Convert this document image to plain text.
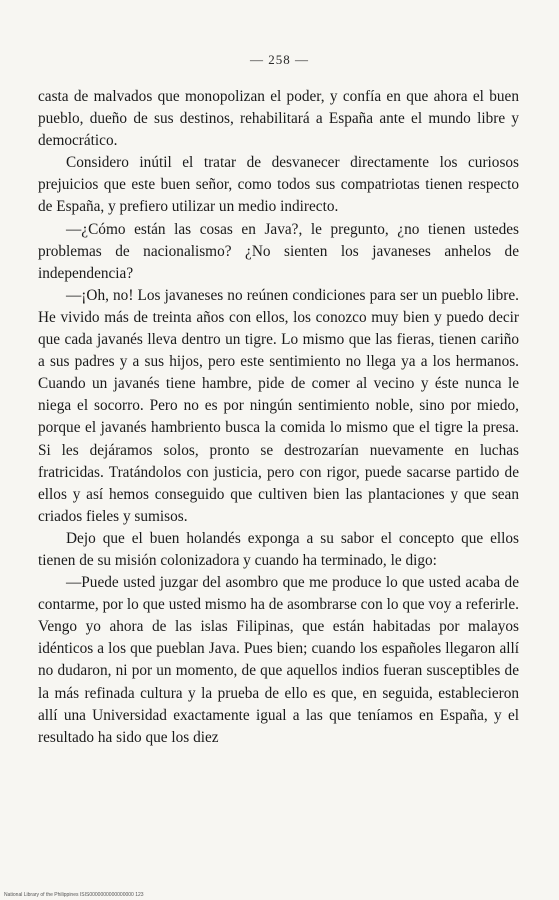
— 258 —

casta de malvados que monopolizan el poder, y confía en que ahora el buen pueblo, dueño de sus destinos, rehabilitará a España ante el mundo libre y democrático.

Considero inútil el tratar de desvanecer directamente los curiosos prejuicios que este buen señor, como todos sus compatriotas tienen respecto de España, y prefiero utilizar un medio indirecto.

—¿Cómo están las cosas en Java?, le pregunto, ¿no tienen ustedes problemas de nacionalismo? ¿No sienten los javaneses anhelos de independencia?

—¡Oh, no! Los javaneses no reúnen condiciones para ser un pueblo libre. He vivido más de treinta años con ellos, los conozco muy bien y puedo decir que cada javanés lleva dentro un tigre. Lo mismo que las fieras, tienen cariño a sus padres y a sus hijos, pero este sentimiento no llega ya a los hermanos. Cuando un javanés tiene hambre, pide de comer al vecino y éste nunca le niega el socorro. Pero no es por ningún sentimiento noble, sino por miedo, porque el javanés hambriento busca la comida lo mismo que el tigre la presa. Si les dejáramos solos, pronto se destrozarían nuevamente en luchas fratricidas. Tratándolos con justicia, pero con rigor, puede sacarse partido de ellos y así hemos conseguido que cultiven bien las plantaciones y que sean criados fieles y sumisos.

Dejo que el buen holandés exponga a su sabor el concepto que ellos tienen de su misión colonizadora y cuando ha terminado, le digo:

—Puede usted juzgar del asombro que me produce lo que usted acaba de contarme, por lo que usted mismo ha de asombrarse con lo que voy a referirle. Vengo yo ahora de las islas Filipinas, que están habitadas por malayos idénticos a los que pueblan Java. Pues bien; cuando los españoles llegaron allí no dudaron, ni por un momento, de que aquellos indios fueran susceptibles de la más refinada cultura y la prueba de ello es que, en seguida, establecieron allí una Universidad exactamente igual a las que teníamos en España, y el resultado ha sido que los diez

National Library of the Philippines ISIS0000000000000000 123
